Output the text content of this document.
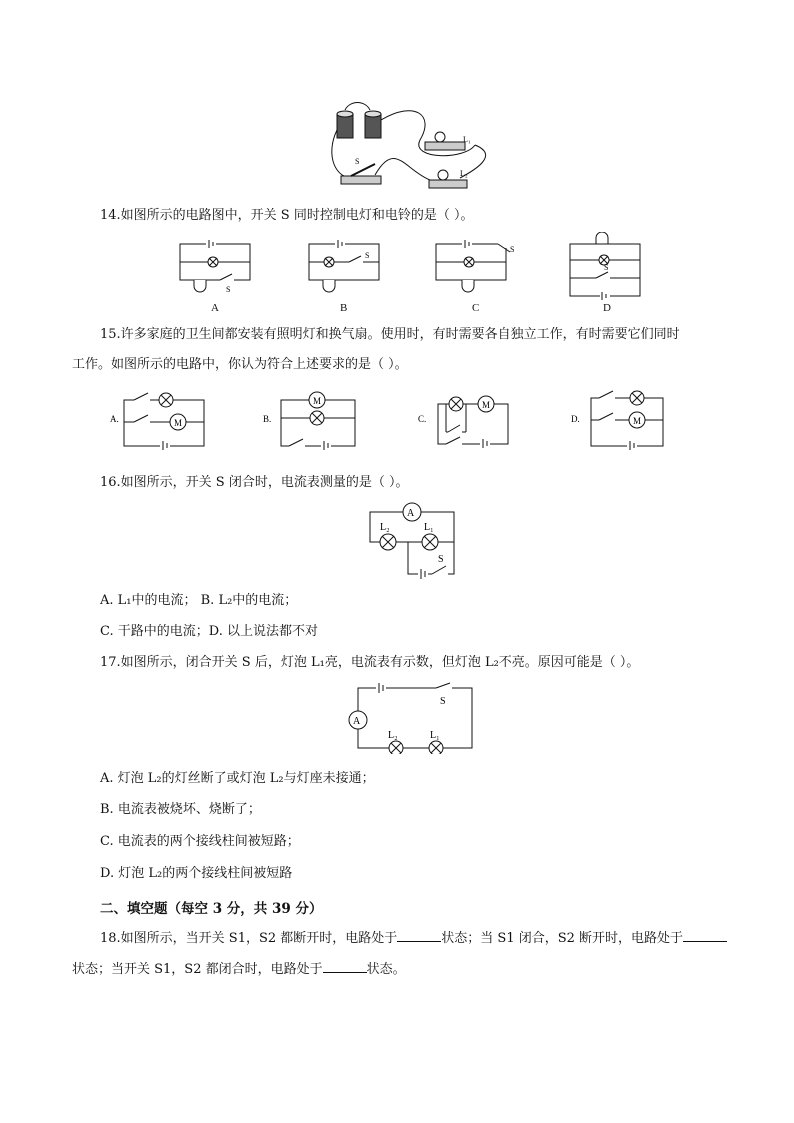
L₁
L₂
S
14.如图所示的电路图中，开关 S 同时控制电灯和电铃的是（ ）。
S
S
S
S
A	B	C	D
15.许多家庭的卫生间都安装有照明灯和换气扇。使用时，有时需要各自独立工作，有时需要它们同时
工作。如图所示的电路中，你认为符合上述要求的是（ ）。
A.	M	B.
M
C.
M
D.	M
16.如图所示，开关 S 闭合时，电流表测量的是（ ）。
A
L₂	L₁
S
A. L₁中的电流； B. L₂中的电流；
C. 干路中的电流；D. 以上说法都不对
17.如图所示，闭合开关 S 后，灯泡 L₁亮，电流表有示数，但灯泡 L₂不亮。原因可能是（ ）。
S
A
L₂	L₁
A. 灯泡 L₂的灯丝断了或灯泡 L₂与灯座未接通；
B. 电流表被烧坏、烧断了；
C. 电流表的两个接线柱间被短路；
D. 灯泡 L₂的两个接线柱间被短路
二、填空题（每空 3 分，共 39 分）
18.如图所示，当开关 S1，S2 都断开时，电路处于	状态；当 S1 闭合，S2 断开时，电路处于
状态；当开关 S1，S2 都闭合时，电路处于	状态。
